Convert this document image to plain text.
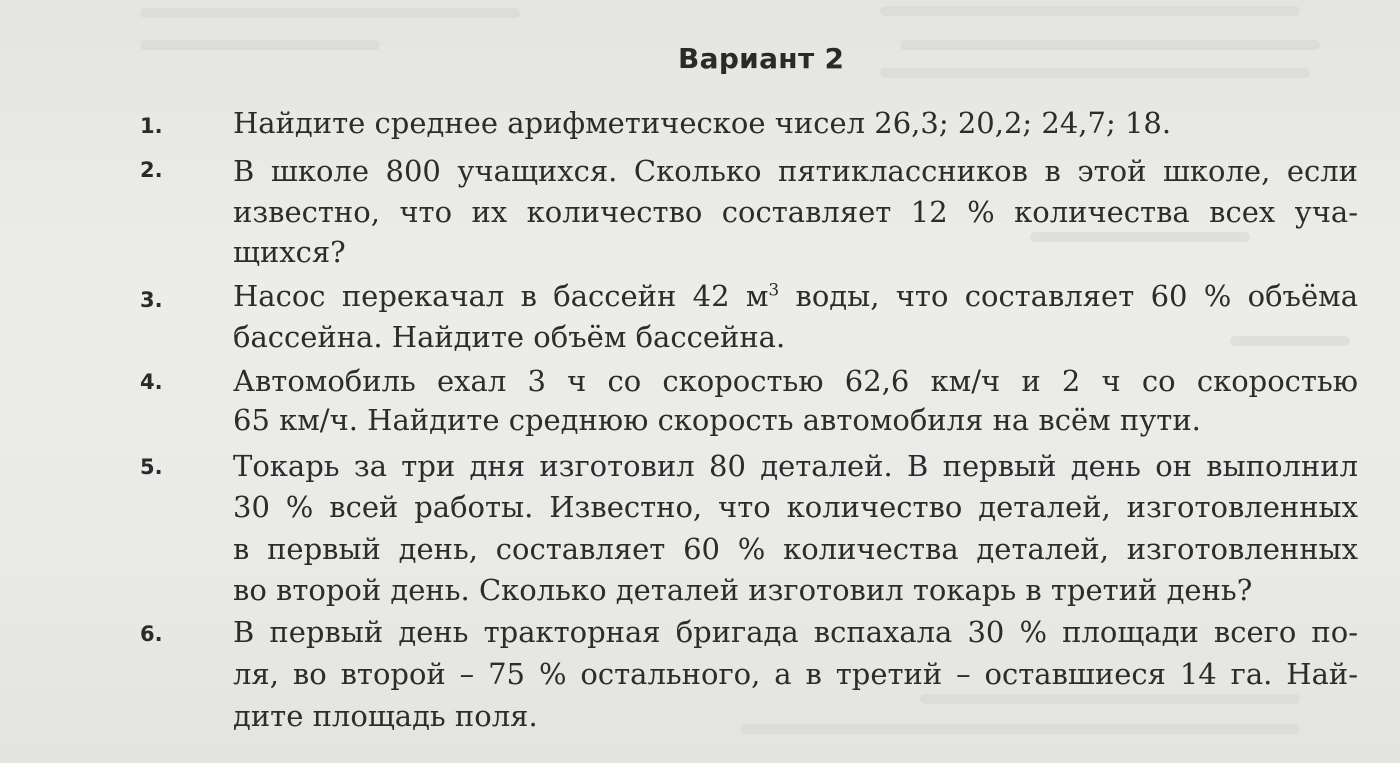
Вариант 2
1. Найдите среднее арифметическое чисел 26,3; 20,2; 24,7; 18.
2. В школе 800 учащихся. Сколько пятиклассников в этой школе, если
известно, что их количество составляет 12 % количества всех уча-
щихся?
3. Насос перекачал в бассейн 42 $м^3$ воды, что составляет 60 % объёма
бассейна. Найдите объём бассейна.
4. Автомобиль ехал 3 ч со скоростью 62,6 км/ч и 2 ч со скоростью
65 км/ч. Найдите среднюю скорость автомобиля на всём пути.
5. Токарь за три дня изготовил 80 деталей. В первый день он выполнил
30 % всей работы. Известно, что количество деталей, изготовленных
в первый день, составляет 60 % количества деталей, изготовленных
во второй день. Сколько деталей изготовил токарь в третий день?
6. В первый день тракторная бригада вспахала 30 % площади всего по-
ля, во второй – 75 % остального, а в третий – оставшиеся 14 га. Най-
дите площадь поля.
